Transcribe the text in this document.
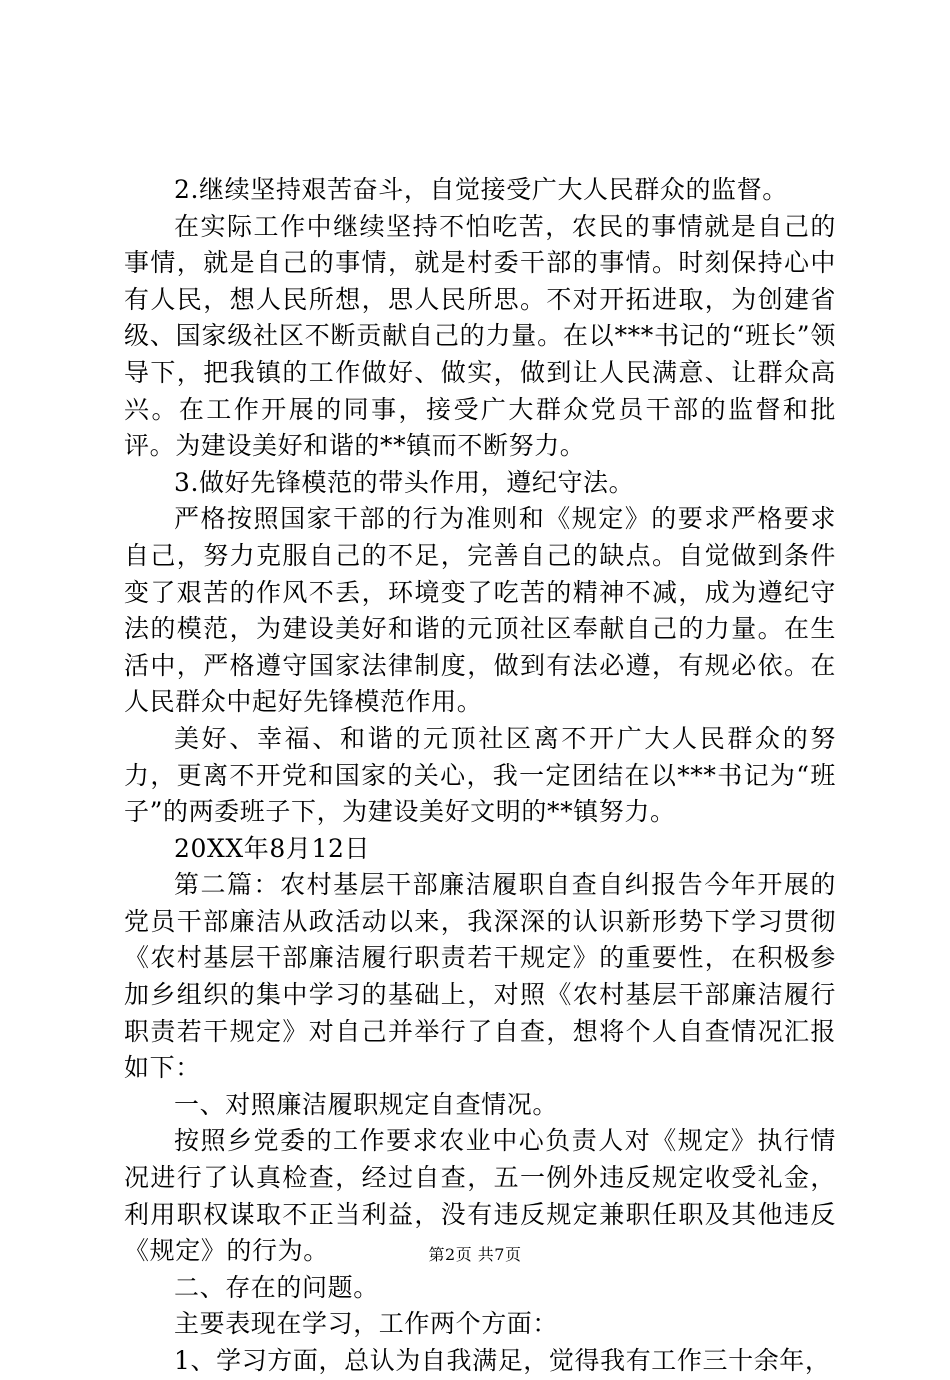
2.继续坚持艰苦奋斗，自觉接受广大人民群众的监督。

在实际工作中继续坚持不怕吃苦，农民的事情就是自己的事情，就是自己的事情，就是村委干部的事情。时刻保持心中有人民，想人民所想，思人民所思。不对开拓进取，为创建省级、国家级社区不断贡献自己的力量。在以***书记的“班长”领导下，把我镇的工作做好、做实，做到让人民满意、让群众高兴。在工作开展的同事，接受广大群众党员干部的监督和批评。为建设美好和谐的**镇而不断努力。

3.做好先锋模范的带头作用，遵纪守法。

严格按照国家干部的行为准则和《规定》的要求严格要求自己，努力克服自己的不足，完善自己的缺点。自觉做到条件变了艰苦的作风不丢，环境变了吃苦的精神不减，成为遵纪守法的模范，为建设美好和谐的元顶社区奉献自己的力量。在生活中，严格遵守国家法律制度，做到有法必遵，有规必依。在人民群众中起好先锋模范作用。

美好、幸福、和谐的元顶社区离不开广大人民群众的努力，更离不开党和国家的关心，我一定团结在以***书记为“班子”的两委班子下，为建设美好文明的**镇努力。

20XX年8月12日

第二篇：农村基层干部廉洁履职自查自纠报告今年开展的党员干部廉洁从政活动以来，我深深的认识新形势下学习贯彻《农村基层干部廉洁履行职责若干规定》的重要性，在积极参加乡组织的集中学习的基础上，对照《农村基层干部廉洁履行职责若干规定》对自己并举行了自查，想将个人自查情况汇报如下：

一、对照廉洁履职规定自查情况。

按照乡党委的工作要求农业中心负责人对《规定》执行情况进行了认真检查，经过自查，五一例外违反规定收受礼金，利用职权谋取不正当利益，没有违反规定兼职任职及其他违反《规定》的行为。

二、存在的问题。

主要表现在学习，工作两个方面：

1、学习方面，总认为自我满足，觉得我有工作三十余年，

第2页 共7页
